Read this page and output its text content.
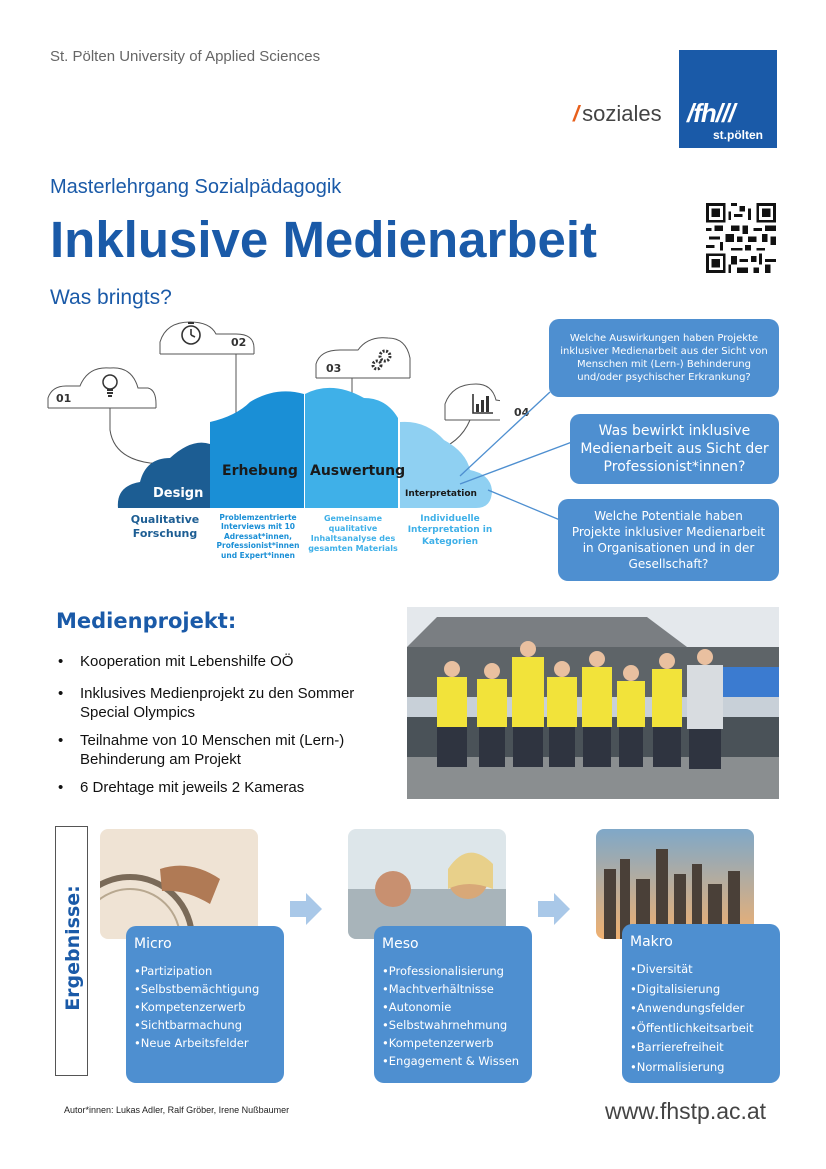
St. Pölten University of Applied Sciences
/ soziales /fh///
st.pölten
Masterlehrgang Sozialpädagogik
Inklusive Medienarbeit
Was bringts?
01
02
03
04
Design
Erhebung Auswertung
Interpretation
Qualitative
Forschung
Problemzentrierte
Interviews mit 10
Adressat*innen,
Professionist*innen
und Expert*innen
Gemeinsame
qualitative
Inhaltsanalyse des
gesamten Materials
Individuelle
Interpretation in
Kategorien
Welche Auswirkungen haben Projekte inklusiver Medienarbeit aus der Sicht von Menschen mit (Lern-) Behinderung und/oder psychischer Erkrankung?
Was bewirkt inklusive Medienarbeit aus Sicht der Professionist*innen?
Welche Potentiale haben Projekte inklusiver Medienarbeit in Organisationen und in der Gesellschaft?
Medienprojekt:
• Kooperation mit Lebenshilfe OÖ
• Inklusives Medienprojekt zu den Sommer Special Olympics
• Teilnahme von 10 Menschen mit (Lern-) Behinderung am Projekt
• 6 Drehtage mit jeweils 2 Kameras
Ergebnisse:	Micro
•Partizipation
•Selbstbemächtigung
•Kompetenzerwerb
•Sichtbarmachung
•Neue Arbeitsfelder
Meso
•Professionalisierung
•Machtverhältnisse
•Autonomie
•Selbstwahrnehmung
•Kompetenzerwerb
•Engagement & Wissen
Makro
•Diversität
•Digitalisierung
•Anwendungsfelder
•Öffentlichkeitsarbeit
•Barrierefreiheit
•Normalisierung
Autor*innen: Lukas Adler, Ralf Gröber, Irene Nußbaumer	www.fhstp.ac.at
